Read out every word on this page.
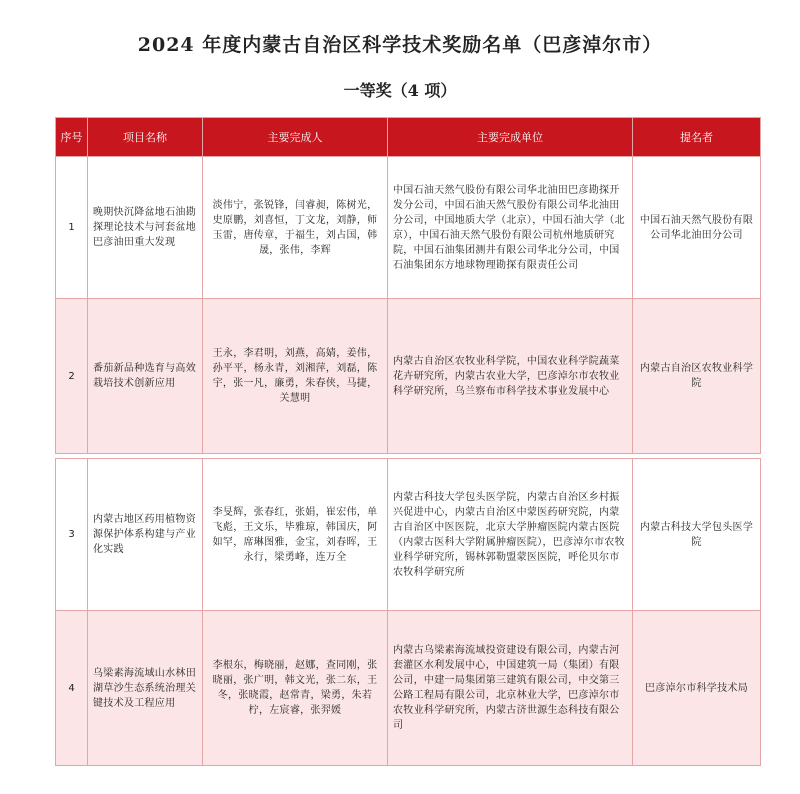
2024 年度内蒙古自治区科学技术奖励名单（巴彦淖尔市）
一等奖（4 项）
序号	项目名称	主要完成人	主要完成单位	提名者
1	晚期快沉降盆地石油勘探理论技术与河套盆地巴彦油田重大发现	淡伟宁，张锐锋，闫睿昶，陈树光，史原鹏，刘喜恒，丁文龙，刘静，师玉雷，唐传章，于福生，刘占国，韩晟，张伟，李辉	中国石油天然气股份有限公司华北油田巴彦勘探开发分公司，中国石油天然气股份有限公司华北油田分公司，中国地质大学（北京），中国石油大学（北京），中国石油天然气股份有限公司杭州地质研究院，中国石油集团测井有限公司华北分公司，中国石油集团东方地球物理勘探有限责任公司	中国石油天然气股份有限公司华北油田分公司

2	番茄新品种选育与高效栽培技术创新应用	王永，李君明，刘燕，高婧，姜伟，孙平平，杨永青，刘湘萍，刘磊，陈宇，张一凡，廉勇，朱春侠，马捷，关慧明	内蒙古自治区农牧业科学院，中国农业科学院蔬菜花卉研究所，内蒙古农业大学，巴彦淖尔市农牧业科学研究所，乌兰察布市科学技术事业发展中心	内蒙古自治区农牧业科学院
3	内蒙古地区药用植物资源保护体系构建与产业化实践	李旻辉，张春红，张娟，崔宏伟，单飞彪，王文乐，毕雅琼，韩国庆，阿如罕，席琳图雅，金宝，刘春晖，王永行，梁勇峰，连万全	内蒙古科技大学包头医学院，内蒙古自治区乡村振兴促进中心，内蒙古自治区中蒙医药研究院，内蒙古自治区中医医院，北京大学肿瘤医院内蒙古医院（内蒙古医科大学附属肿瘤医院），巴彦淖尔市农牧业科学研究所，锡林郭勒盟蒙医医院，呼伦贝尔市农牧科学研究所	内蒙古科技大学包头医学院

4	乌梁素海流域山水林田湖草沙生态系统治理关键技术及工程应用	李根东，梅晓丽，赵娜，查同刚，张晓丽，张广明，韩文光，张二东，王冬，张晓霞，赵常青，梁勇，朱若柠，左宸睿，张羿媛	内蒙古乌梁素海流域投资建设有限公司，内蒙古河套灌区水利发展中心，中国建筑一局（集团）有限公司，中建一局集团第三建筑有限公司，中交第三公路工程局有限公司，北京林业大学，巴彦淖尔市农牧业科学研究所，内蒙古济世源生态科技有限公司	巴彦淖尔市科学技术局
